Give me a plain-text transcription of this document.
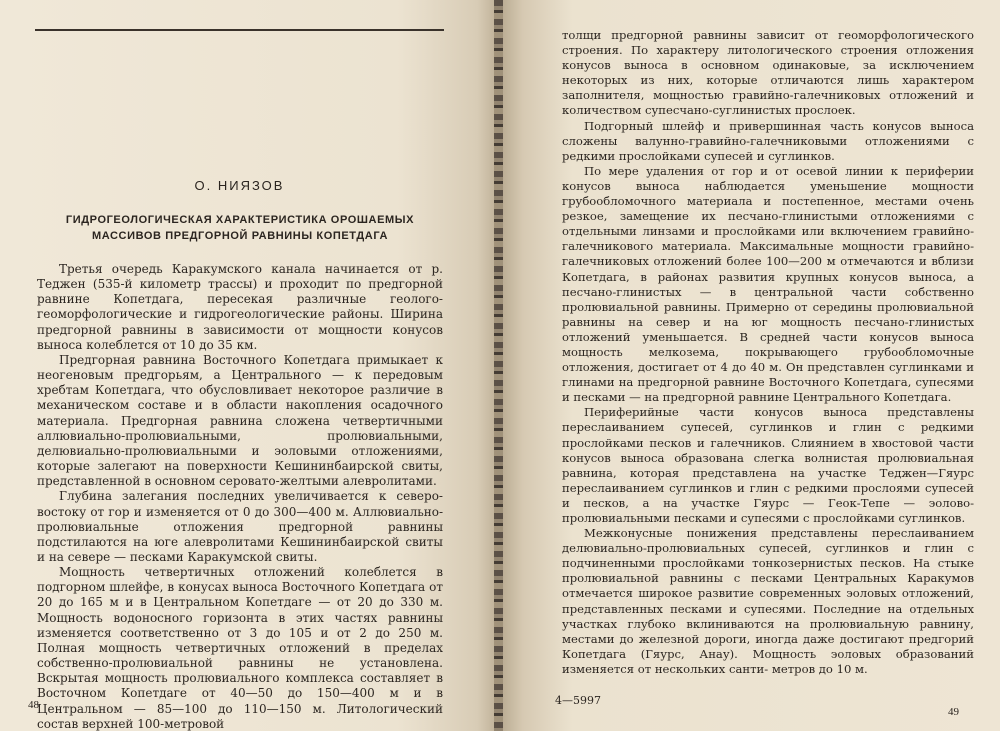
О. НИЯЗОВ
ГИДРОГЕОЛОГИЧЕСКАЯ ХАРАКТЕРИСТИКА ОРОШАЕМЫХ
МАССИВОВ ПРЕДГОРНОЙ РАВНИНЫ КОПЕТДАГА

Третья очередь Каракумского канала начинается от р. Теджен (535-й километр трассы) и проходит по предгорной равнине Копетдага, пересекая различные геолого-геоморфологические и гидрогеологические районы. Ширина предгорной равнины в зависимости от мощности конусов выноса колеблется от 10 до 35 км.

Предгорная равнина Восточного Копетдага примыкает к неогеновым предгорьям, а Центрального — к передовым хребтам Копетдага, что обусловливает некоторое различие в механическом составе и в области накопления осадочного материала. Предгорная равнина сложена четвертичными аллювиально-пролювиальными, пролювиальными, делювиально-пролювиальными и эоловыми отложениями, которые залегают на поверхности Кешининбаирской свиты, представленной в основном серовато-желтыми алевролитами.

Глубина залегания последних увеличивается к северо-востоку от гор и изменяется от 0 до 300—400 м. Аллювиально-пролювиальные отложения предгорной равнины подстилаются на юге алевролитами Кешининбаирской свиты и на севере — песками Каракумской свиты.

Мощность четвертичных отложений колеблется в подгорном шлейфе, в конусах выноса Восточного Копетдага от 20 до 165 м и в Центральном Копетдаге — от 20 до 330 м. Мощность водоносного горизонта в этих частях равнины изменяется соответственно от 3 до 105 и от 2 до 250 м. Полная мощность четвертичных отложений в пределах собственно-пролювиальной равнины не установлена. Вскрытая мощность пролювиального комплекса составляет в Восточном Копетдаге от 40—50 до 150—400 м и в Центральном — 85—100 до 110—150 м. Литологический состав верхней 100-метровой

48

толщи предгорной равнины зависит от геоморфологического строения. По характеру литологического строения отложения конусов выноса в основном одинаковые, за исключением некоторых из них, которые отличаются лишь характером заполнителя, мощностью гравийно-галечниковых отложений и количеством супесчано-суглинистых прослоек.

Подгорный шлейф и привершинная часть конусов выноса сложены валунно-гравийно-галечниковыми отложениями с редкими прослойками супесей и суглинков.

По мере удаления от гор и от осевой линии к периферии конусов выноса наблюдается уменьшение мощности грубообломочного материала и постепенное, местами очень резкое, замещение их песчано-глинистыми отложениями с отдельными линзами и прослойками или включением гравийно-галечникового материала. Максимальные мощности гравийно-галечниковых отложений более 100—200 м отмечаются и вблизи Копетдага, в районах развития крупных конусов выноса, а песчано-глинистых — в центральной части собственно пролювиальной равнины. Примерно от середины пролювиальной равнины на север и на юг мощность песчано-глинистых отложений уменьшается. В средней части конусов выноса мощность мелкозема, покрывающего грубообломочные отложения, достигает от 4 до 40 м. Он представлен суглинками и глинами на предгорной равнине Восточного Копетдага, супесями и песками — на предгорной равнине Центрального Копетдага.

Периферийные части конусов выноса представлены переслаиванием супесей, суглинков и глин с редкими прослойками песков и галечников. Слиянием в хвостовой части конусов выноса образована слегка волнистая пролювиальная равнина, которая представлена на участке Теджен—Гяурс переслаиванием суглинков и глин с редкими прослоями супесей и песков, а на участке Гяурс — Геок-Тепе — эолово-пролювиальными песками и супесями с прослойками суглинков.

Межконусные понижения представлены переслаиванием делювиально-пролювиальных супесей, суглинков и глин с подчиненными прослойками тонкозернистых песков. На стыке пролювиальной равнины с песками Центральных Каракумов отмечается широкое развитие современных эоловых отложений, представленных песками и супесями. Последние на отдельных участках глубоко вклиниваются на пролювиальную равнину, местами до железной дороги, иногда даже достигают предгорий Копетдага (Гяурс, Анау). Мощность эоловых образований изменяется от нескольких санти- метров до 10 м.

4—5997
49
